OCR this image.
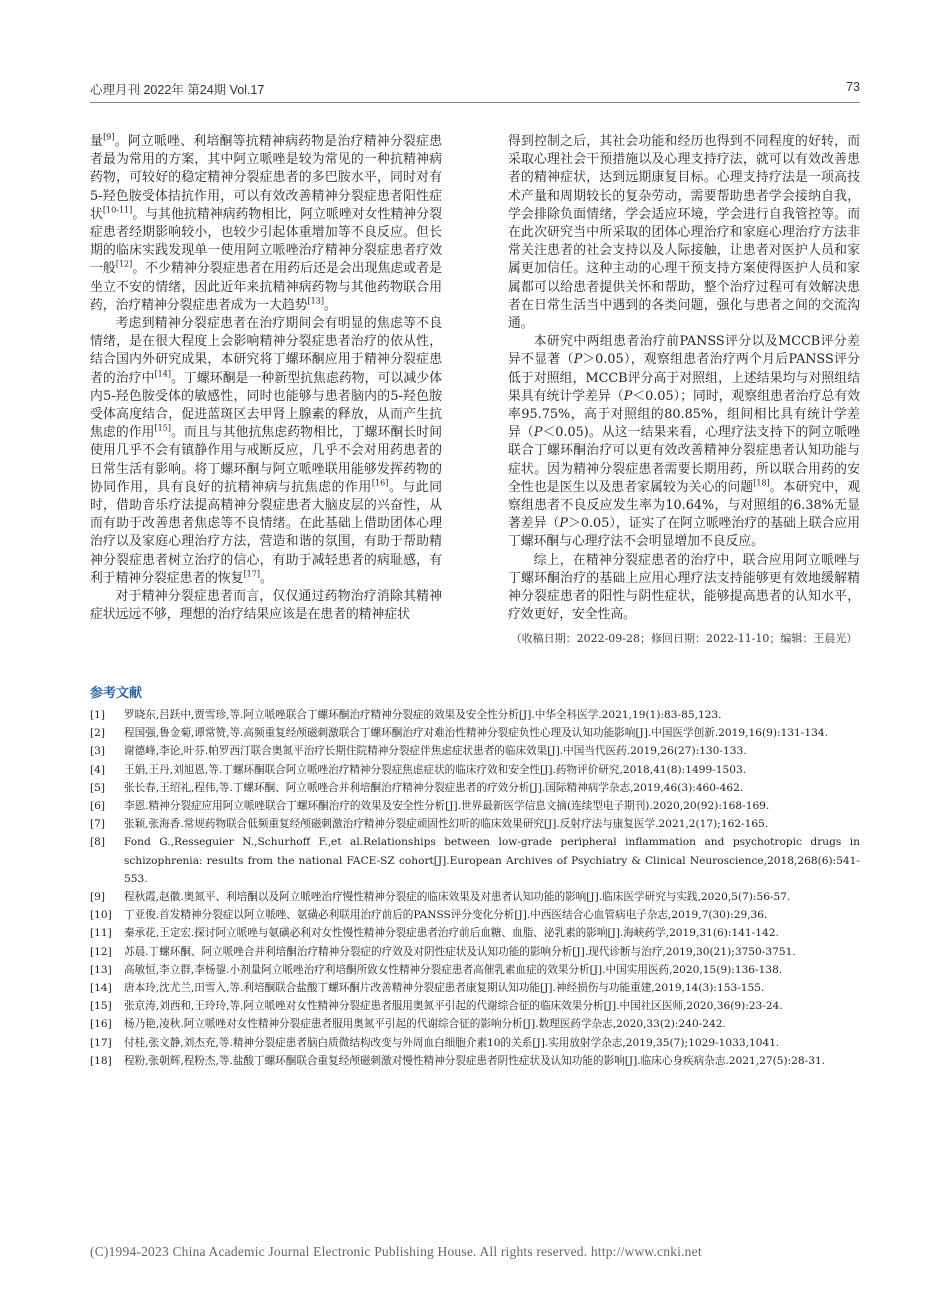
心理月刊 2022年 第24期 Vol.17	73

量[9]。阿立哌唑、利培酮等抗精神病药物是治疗精神分裂症患者最为常用的方案，其中阿立哌唑是较为常见的一种抗精神病药物，可较好的稳定精神分裂症患者的多巴胺水平，同时对有5-羟色胺受体拮抗作用，可以有效改善精神分裂症患者阳性症状[10-11]。与其他抗精神病药物相比，阿立哌唑对女性精神分裂症患者经期影响较小，也较少引起体重增加等不良反应。但长期的临床实践发现单一使用阿立哌唑治疗精神分裂症患者疗效一般[12]。不少精神分裂症患者在用药后还是会出现焦虑或者是坐立不安的情绪，因此近年来抗精神病药物与其他药物联合用药，治疗精神分裂症患者成为一大趋势[13]。

考虑到精神分裂症患者在治疗期间会有明显的焦虑等不良情绪，是在很大程度上会影响精神分裂症患者治疗的依从性，结合国内外研究成果，本研究将丁螺环酮应用于精神分裂症患者的治疗中[14]。丁螺环酮是一种新型抗焦虑药物，可以减少体内5-羟色胺受体的敏感性，同时也能够与患者脑内的5-羟色胺受体高度结合，促进蓝斑区去甲肾上腺素的释放，从而产生抗焦虑的作用[15]。而且与其他抗焦虑药物相比，丁螺环酮长时间使用几乎不会有镇静作用与戒断反应，几乎不会对用药患者的日常生活有影响。将丁螺环酮与阿立哌唑联用能够发挥药物的协同作用，具有良好的抗精神病与抗焦虑的作用[16]。与此同时，借助音乐疗法提高精神分裂症患者大脑皮层的兴奋性，从而有助于改善患者焦虑等不良情绪。在此基础上借助团体心理治疗以及家庭心理治疗方法，营造和谐的氛围，有助于帮助精神分裂症患者树立治疗的信心，有助于减轻患者的病耻感，有利于精神分裂症患者的恢复[17]。

对于精神分裂症患者而言，仅仅通过药物治疗消除其精神症状远远不够，理想的治疗结果应该是在患者的精神症状

得到控制之后，其社会功能和经历也得到不同程度的好转，而采取心理社会干预措施以及心理支持疗法，就可以有效改善患者的精神症状，达到远期康复目标。心理支持疗法是一项高技术产量和周期较长的复杂劳动，需要帮助患者学会接纳自我，学会排除负面情绪，学会适应环境，学会进行自我管控等。而在此次研究当中所采取的团体心理治疗和家庭心理治疗方法非常关注患者的社会支持以及人际接触，让患者对医护人员和家属更加信任。这种主动的心理干预支持方案使得医护人员和家属都可以给患者提供关怀和帮助，整个治疗过程可有效解决患者在日常生活当中遇到的各类问题，强化与患者之间的交流沟通。

本研究中两组患者治疗前PANSS评分以及MCCB评分差异不显著（P＞0.05），观察组患者治疗两个月后PANSS评分低于对照组，MCCB评分高于对照组，上述结果均与对照组结果具有统计学差异（P＜0.05）；同时，观察组患者治疗总有效率95.75%，高于对照组的80.85%，组间相比具有统计学差异（P＜0.05)。从这一结果来看，心理疗法支持下的阿立哌唑联合丁螺环酮治疗可以更有效改善精神分裂症患者认知功能与症状。因为精神分裂症患者需要长期用药，所以联合用药的安全性也是医生以及患者家属较为关心的问题[18]。本研究中，观察组患者不良反应发生率为10.64%，与对照组的6.38%无显著差异（P＞0.05），证实了在阿立哌唑治疗的基础上联合应用丁螺环酮与心理疗法不会明显增加不良反应。

综上，在精神分裂症患者的治疗中，联合应用阿立哌唑与丁螺环酮治疗的基础上应用心理疗法支持能够更有效地缓解精神分裂症患者的阳性与阴性症状，能够提高患者的认知水平，疗效更好，安全性高。

（收稿日期：2022-09-28；修回日期：2022-11-10；编辑：王晨光）
参考文献
[1]	罗晓东,吕跃中,贾雪珍,等.阿立哌唑联合丁螺环酮治疗精神分裂症的效果及安全性分析[J].中华全科医学.2021,19(1):83-85,123.
[2]	程国强,鲁金菊,谭常赞,等.高频重复经颅磁刺激联合丁螺环酮治疗对难治性精神分裂症负性心理及认知功能影响[J].中国医学创新.2019,16(9):131-134.
[3]	谢德峰,李论,叶芬.帕罗西汀联合奥氮平治疗长期住院精神分裂症伴焦虑症状患者的临床效果[J].中国当代医药.2019,26(27):130-133.
[4]	王娟,王丹,刘旭恩,等.丁螺环酮联合阿立哌唑治疗精神分裂症焦虑症状的临床疗效和安全性[J].药物评价研究,2018,41(8):1499-1503.
[5]	张长春,王绍礼,程伟,等.丁螺环酮、阿立哌唑合并利培酮治疗精神分裂症患者的疗效分析[J].国际精神病学杂志,2019,46(3):460-462.
[6]	李恩.精神分裂症应用阿立哌唑联合丁螺环酮治疗的效果及安全性分析[J].世界最新医学信息文摘(连续型电子期刊).2020,20(92):168-169.
[7]	张颖,张海香.常规药物联合低频重复经颅磁刺激治疗精神分裂症顽固性幻听的临床效果研究[J].反射疗法与康复医学.2021,2(17);162-165.
[8]	Fond G.,Resseguier N.,Schurhoff F.,et al.Relationships between low-grade peripheral inflammation and psychotropic drugs in schizophrenia: results from the national FACE-SZ cohort[J].European Archives of Psychiatry & Clinical Neuroscience,2018,268(6):541-553.
[9]	程秋霞,赵徽.奥氮平、利培酮以及阿立哌唑治疗慢性精神分裂症的临床效果及对患者认知功能的影响[J].临床医学研究与实践,2020,5(7):56-57.
[10]	丁亚俊.首发精神分裂症以阿立哌唑、氨磺必利联用治疗前后的PANSS评分变化分析[J].中西医结合心血管病电子杂志,2019,7(30):29,36.
[11]	秦承花,王定宏.探讨阿立哌唑与氨磺必利对女性慢性精神分裂症患者治疗前后血糖、血脂、泌乳素的影响[J].海峡药学,2019,31(6):141-142.
[12]	苏晨.丁螺环酮、阿立哌唑合并利培酮治疗精神分裂症的疗效及对阴性症状及认知功能的影响分析[J].现代诊断与治疗,2019,30(21);3750-3751.
[13]	高敏恒,李立群,李杨鋆.小剂量阿立哌唑治疗利培酮所致女性精神分裂症患者高催乳素血症的效果分析[J].中国实用医药,2020,15(9):136-138.
[14]	唐本玲,沈尤兰,田雪入,等.利培酮联合盐酸丁螺环酮片改善精神分裂症患者康复期认知功能[J].神经损伤与功能重建,2019,14(3):153-155.
[15]	张京涛,刘西和,王玲玲,等.阿立哌唑对女性精神分裂症患者服用奥氮平引起的代谢综合征的临床效果分析[J].中国社区医师,2020,36(9):23-24.
[16]	杨乃艳,凌秋.阿立哌唑对女性精神分裂症患者服用奥氮平引起的代谢综合征的影响分析[J].数理医药学杂志,2020,33(2):240-242.
[17]	付桂,张文静,刘杰充,等.精神分裂症患者脑白质微结构改变与外周血白细胞介素10的关系[J].实用放射学杂志,2019,35(7);1029-1033,1041.
[18]	程粉,张朝辉,程粉杰,等.盐酸丁螺环酮联合重复经颅磁刺激对慢性精神分裂症患者阴性症状及认知功能的影响[J].临床心身疾病杂志.2021,27(5):28-31.
(C)1994-2023 China Academic Journal Electronic Publishing House. All rights reserved. http://www.cnki.net
